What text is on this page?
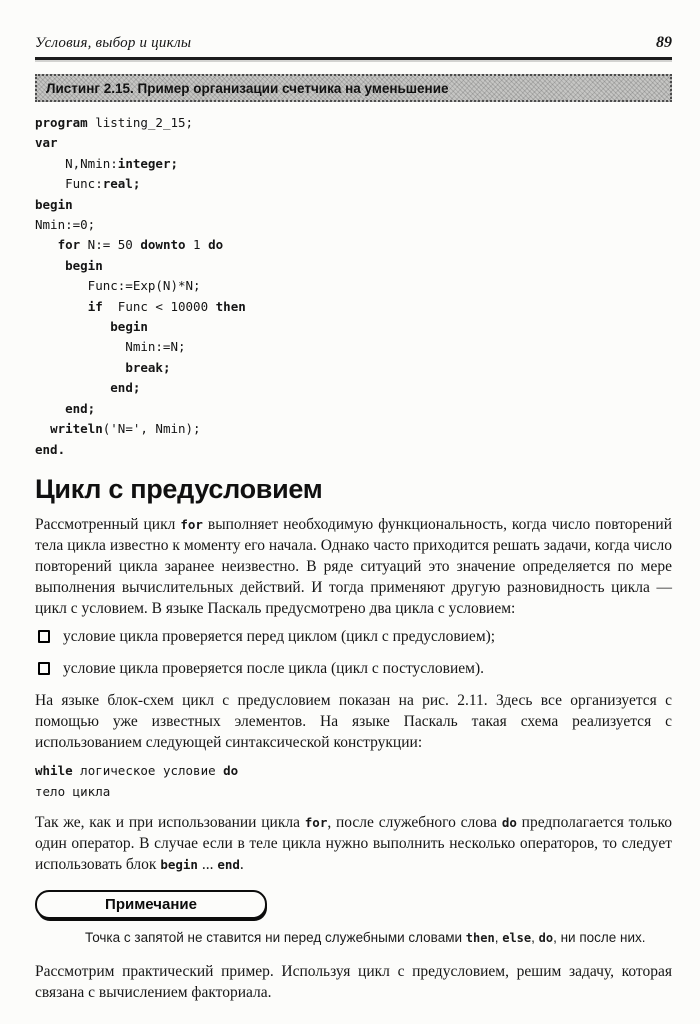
Условия, выбор и циклы	89
Листинг 2.15. Пример организации счетчика на уменьшение
program listing_2_15;
var
N,Nmin:integer;
Func:real;
begin
Nmin:=0;
for N:= 50 downto 1 do
begin
Func:=Exp(N)*N;
if  Func < 10000 then
begin
Nmin:=N;
break;
end;
end;
writeln('N=', Nmin);
end.

Цикл с предусловием

Рассмотренный цикл for выполняет необходимую функциональность, когда число повторений тела цикла известно к моменту его начала. Однако часто приходится решать задачи, когда число повторений цикла заранее неизвестно. В ряде ситуаций это значение определяется по мере выполнения вычислительных действий. И тогда применяют другую разновидность цикла — цикл с условием. В языке Паскаль предусмотрено два цикла с условием:

условие цикла проверяется перед циклом (цикл с предусловием);
условие цикла проверяется после цикла (цикл с постусловием).

На языке блок-схем цикл с предусловием показан на рис. 2.11. Здесь все организуется с помощью уже известных элементов. На языке Паскаль такая схема реализуется с использованием следующей синтаксической конструкции:

while логическое условие do
тело цикла

Так же, как и при использовании цикла for, после служебного слова do предполагается только один оператор. В случае если в теле цикла нужно выполнить несколько операторов, то следует использовать блок begin ... end.

Примечание

Точка с запятой не ставится ни перед служебными словами then, else, do, ни после них.

Рассмотрим практический пример. Используя цикл с предусловием, решим задачу, которая связана с вычислением факториала.
